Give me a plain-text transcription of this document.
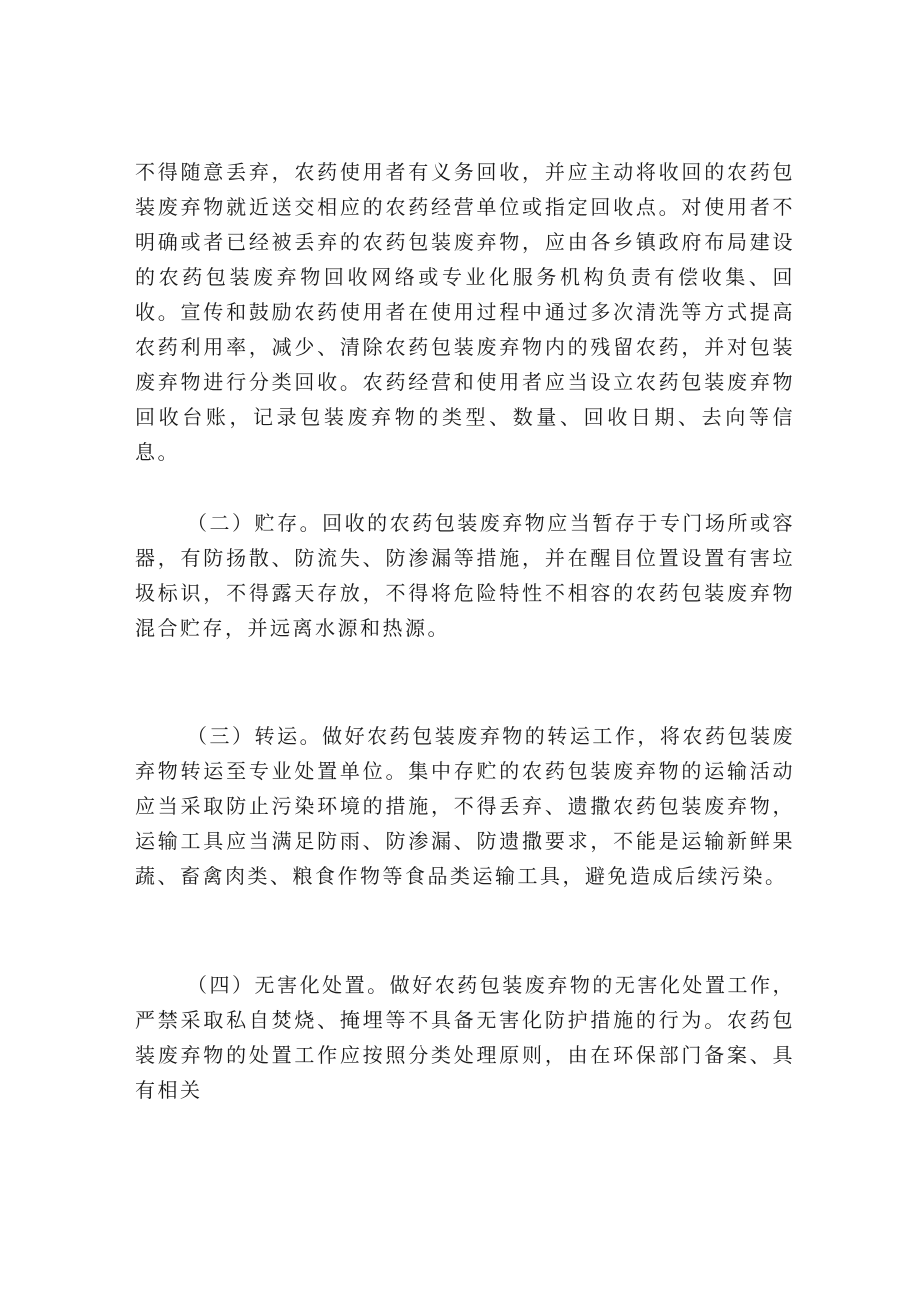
不得随意丢弃，农药使用者有义务回收，并应主动将收回的农药包装废弃物就近送交相应的农药经营单位或指定回收点。对使用者不明确或者已经被丢弃的农药包装废弃物，应由各乡镇政府布局建设的农药包装废弃物回收网络或专业化服务机构负责有偿收集、回收。宣传和鼓励农药使用者在使用过程中通过多次清洗等方式提高农药利用率，减少、清除农药包装废弃物内的残留农药，并对包装废弃物进行分类回收。农药经营和使用者应当设立农药包装废弃物回收台账，记录包装废弃物的类型、数量、回收日期、去向等信息。

（二）贮存。回收的农药包装废弃物应当暂存于专门场所或容器，有防扬散、防流失、防渗漏等措施，并在醒目位置设置有害垃圾标识，不得露天存放，不得将危险特性不相容的农药包装废弃物混合贮存，并远离水源和热源。

（三）转运。做好农药包装废弃物的转运工作，将农药包装废弃物转运至专业处置单位。集中存贮的农药包装废弃物的运输活动应当采取防止污染环境的措施，不得丢弃、遗撒农药包装废弃物，运输工具应当满足防雨、防渗漏、防遗撒要求，不能是运输新鲜果蔬、畜禽肉类、粮食作物等食品类运输工具，避免造成后续污染。

（四）无害化处置。做好农药包装废弃物的无害化处置工作，严禁采取私自焚烧、掩埋等不具备无害化防护措施的行为。农药包装废弃物的处置工作应按照分类处理原则，由在环保部门备案、具有相关
